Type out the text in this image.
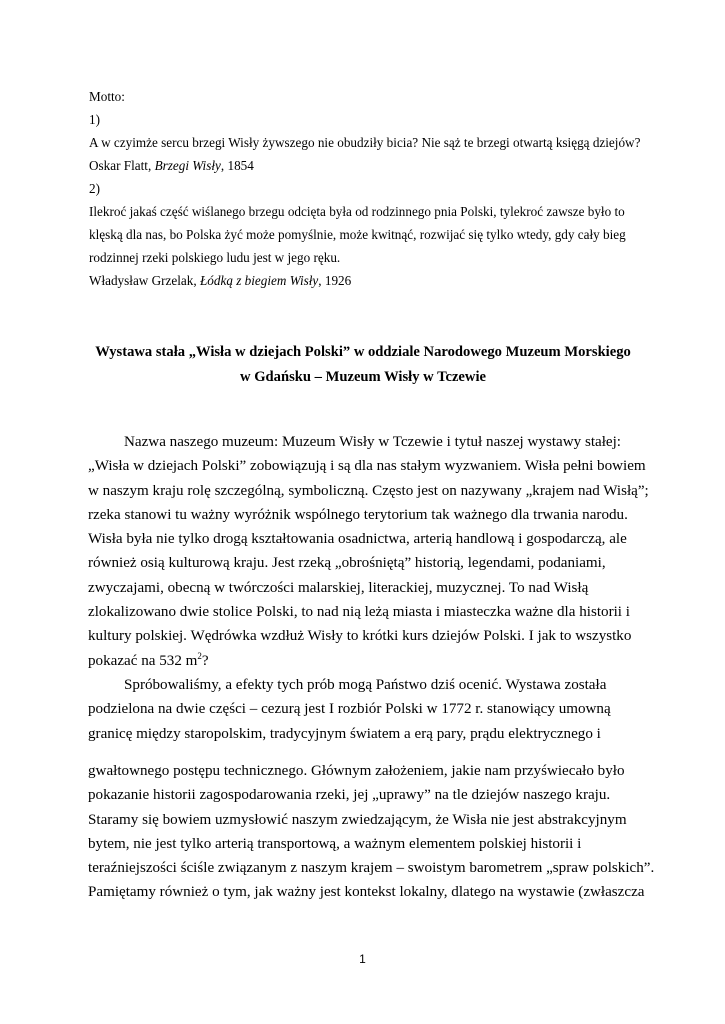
Motto:

1)

A w czyimże sercu brzegi Wisły żywszego nie obudziły bicia? Nie sąż te brzegi otwartą księgą dziejów?

Oskar Flatt, Brzegi Wisły, 1854

2)

Ilekroć jakaś część wiślanego brzegu odcięta była od rodzinnego pnia Polski, tylekroć zawsze było to klęską dla nas, bo Polska żyć może pomyślnie, może kwitnąć, rozwijać się tylko wtedy, gdy cały bieg rodzinnej rzeki polskiego ludu jest w jego ręku.

Władysław Grzelak, Łódką z biegiem Wisły, 1926

Wystawa stała „Wisła w dziejach Polski” w oddziale Narodowego Muzeum Morskiego
w Gdańsku – Muzeum Wisły w Tczewie
Nazwa naszego muzeum: Muzeum Wisły w Tczewie i tytuł naszej wystawy stałej:
„Wisła w dziejach Polski” zobowiązują i są dla nas stałym wyzwaniem. Wisła pełni bowiem
w naszym kraju rolę szczególną, symboliczną. Często jest on nazywany „krajem nad Wisłą”;
rzeka stanowi tu ważny wyróżnik wspólnego terytorium tak ważnego dla trwania narodu.
Wisła była nie tylko drogą kształtowania osadnictwa, arterią handlową i gospodarczą, ale
również osią kulturową kraju. Jest rzeką „obrośniętą” historią, legendami, podaniami,
zwyczajami, obecną w twórczości malarskiej, literackiej, muzycznej. To nad Wisłą
zlokalizowano dwie stolice Polski, to nad nią leżą miasta i miasteczka ważne dla historii i
kultury polskiej. Wędrówka wzdłuż Wisły to krótki kurs dziejów Polski. I jak to wszystko
pokazać na 532 $m^2$?
Spróbowaliśmy, a efekty tych prób mogą Państwo dziś ocenić. Wystawa została
podzielona na dwie części – cezurą jest I rozbiór Polski w 1772 r. stanowiący umowną
granicę między staropolskim, tradycyjnym światem a erą pary, prądu elektrycznego i
gwałtownego postępu technicznego. Głównym założeniem, jakie nam przyświecało było
pokazanie historii zagospodarowania rzeki, jej „uprawy” na tle dziejów naszego kraju.
Staramy się bowiem uzmysłowić naszym zwiedzającym, że Wisła nie jest abstrakcyjnym
bytem, nie jest tylko arterią transportową, a ważnym elementem polskiej historii i
teraźniejszości ściśle związanym z naszym krajem – swoistym barometrem „spraw polskich”.
Pamiętamy również o tym, jak ważny jest kontekst lokalny, dlatego na wystawie (zwłaszcza
1
